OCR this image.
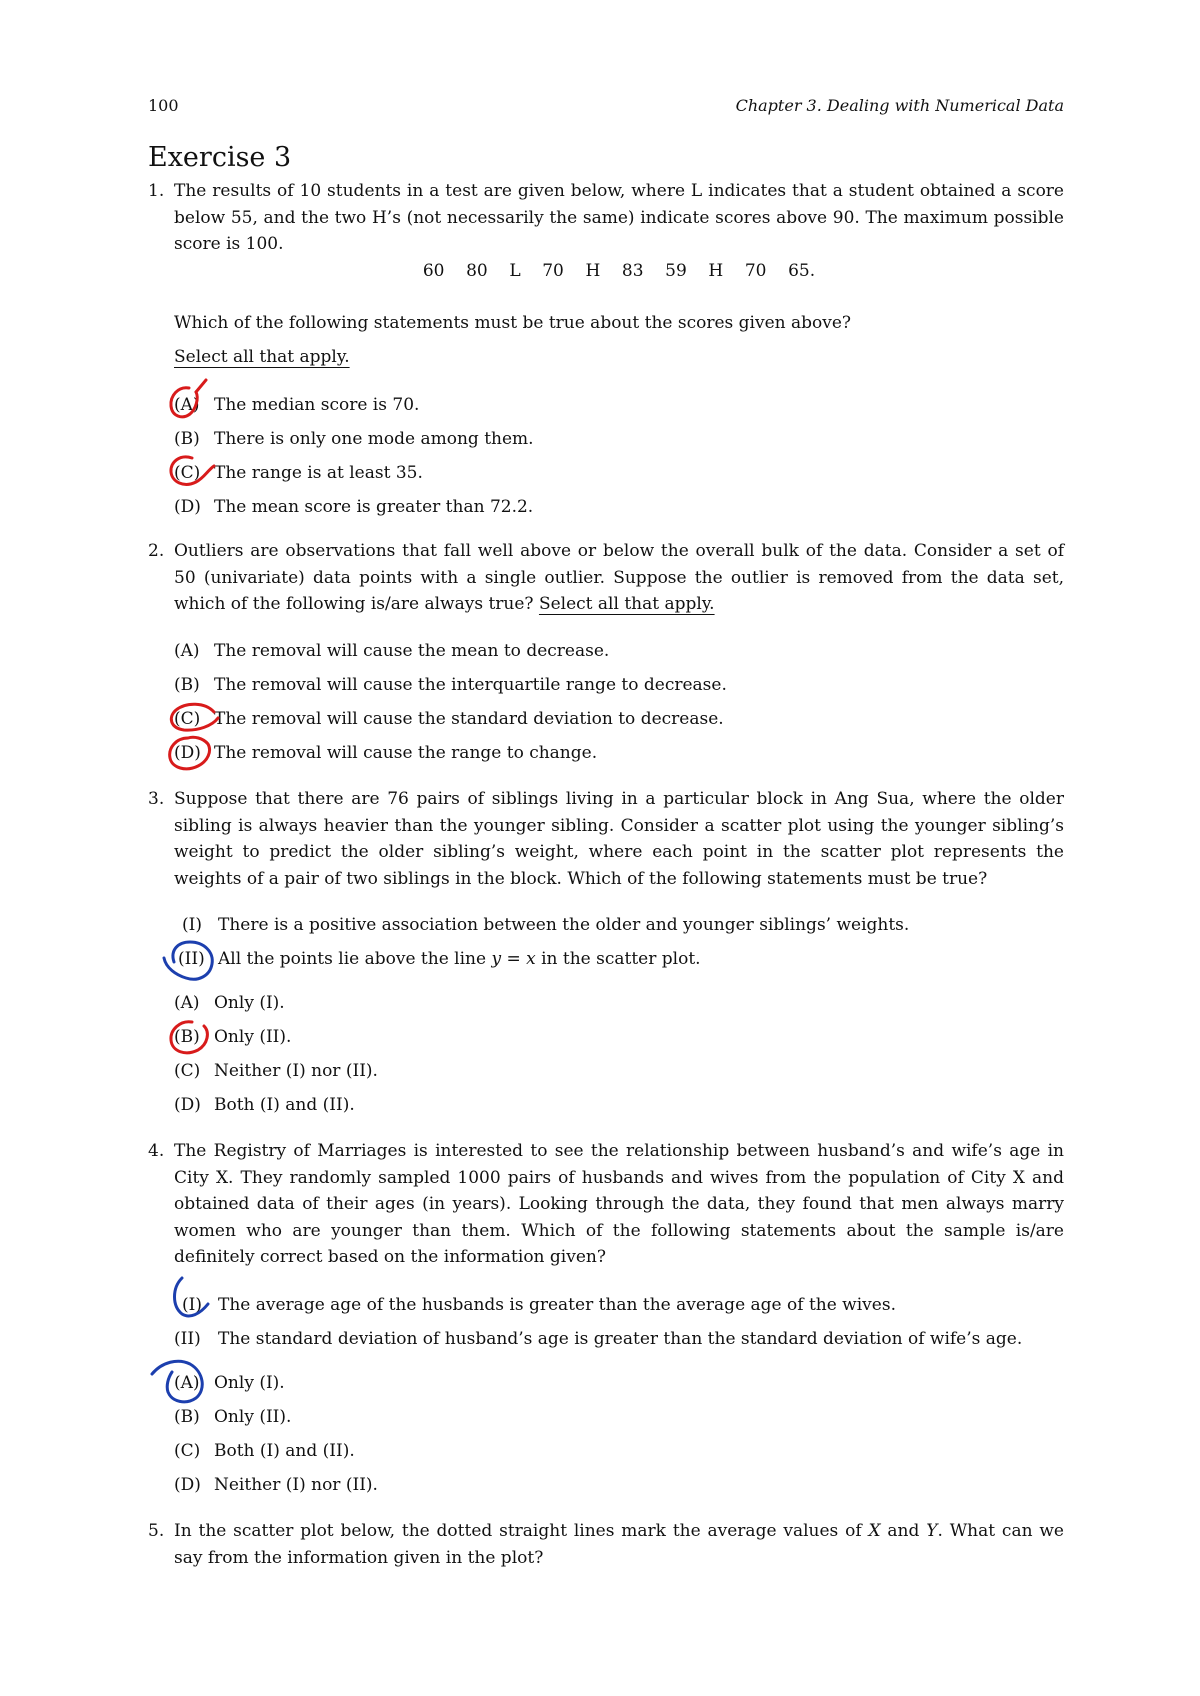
100	Chapter 3. Dealing with Numerical Data
Exercise 3
1. The results of 10 students in a test are given below, where L indicates that a student obtained a score below 55, and the two H’s (not necessarily the same) indicate scores above 90. The maximum possible score is 100.
60    80    L    70    H    83    59    H    70    65.
Which of the following statements must be true about the scores given above?
Select all that apply.
(A) The median score is 70.
(B) There is only one mode among them.
(C) The range is at least 35.
(D) The mean score is greater than 72.2.
2. Outliers are observations that fall well above or below the overall bulk of the data. Consider a set of 50 (univariate) data points with a single outlier. Suppose the outlier is removed from the data set, which of the following is/are always true? Select all that apply.
(A) The removal will cause the mean to decrease.
(B) The removal will cause the interquartile range to decrease.
(C) The removal will cause the standard deviation to decrease.
(D) The removal will cause the range to change.
3. Suppose that there are 76 pairs of siblings living in a particular block in Ang Sua, where the older sibling is always heavier than the younger sibling. Consider a scatter plot using the younger sibling’s weight to predict the older sibling’s weight, where each point in the scatter plot represents the weights of a pair of two siblings in the block. Which of the following statements must be true?
(I) There is a positive association between the older and younger siblings’ weights.
(II) All the points lie above the line y = x in the scatter plot.
(A) Only (I).
(B) Only (II).
(C) Neither (I) nor (II).
(D) Both (I) and (II).
4. The Registry of Marriages is interested to see the relationship between husband’s and wife’s age in City X. They randomly sampled 1000 pairs of husbands and wives from the population of City X and obtained data of their ages (in years). Looking through the data, they found that men always marry women who are younger than them. Which of the following statements about the sample is/are definitely correct based on the information given?
(I) The average age of the husbands is greater than the average age of the wives.
(II) The standard deviation of husband’s age is greater than the standard deviation of wife’s age.
(A) Only (I).
(B) Only (II).
(C) Both (I) and (II).
(D) Neither (I) nor (II).
5. In the scatter plot below, the dotted straight lines mark the average values of X and Y. What can we say from the information given in the plot?
